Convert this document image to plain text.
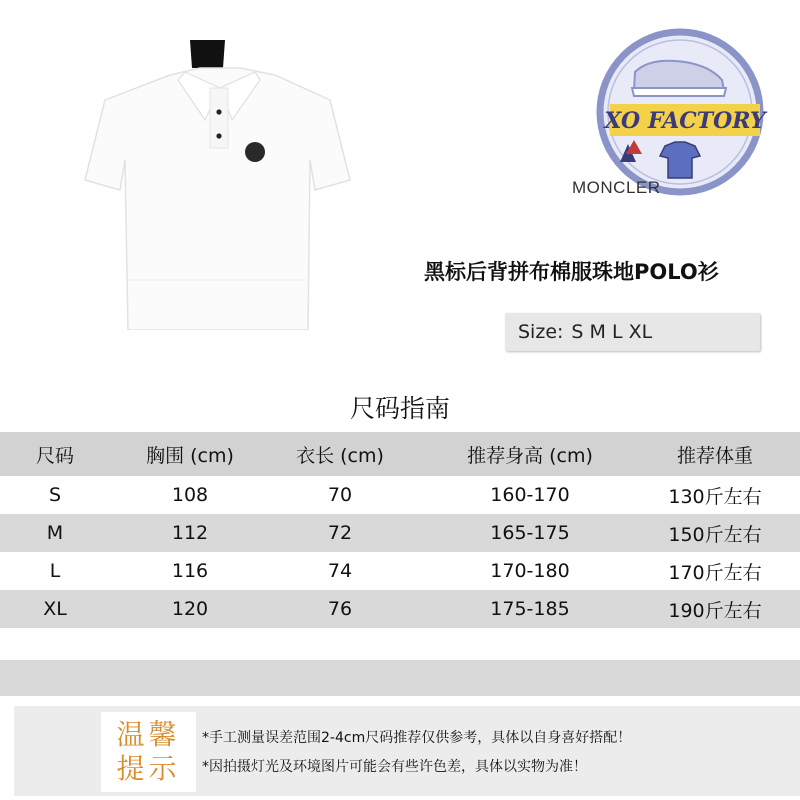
XO FACTORY
MONCLER
黑标后背拼布棉服珠地POLO衫
Size: S M L XL
尺码指南
尺码	胸围 (cm)	衣长 (cm)	推荐身高 (cm)	推荐体重
S	108	70	160-170	130斤左右
M	112	72	165-175	150斤左右
L	116	74	170-180	170斤左右
XL	120	76	175-185	190斤左右
温馨
提示
*手工测量误差范围2-4cm尺码推荐仅供参考，具体以自身喜好搭配！
*因拍摄灯光及环境图片可能会有些许色差，具体以实物为准！
